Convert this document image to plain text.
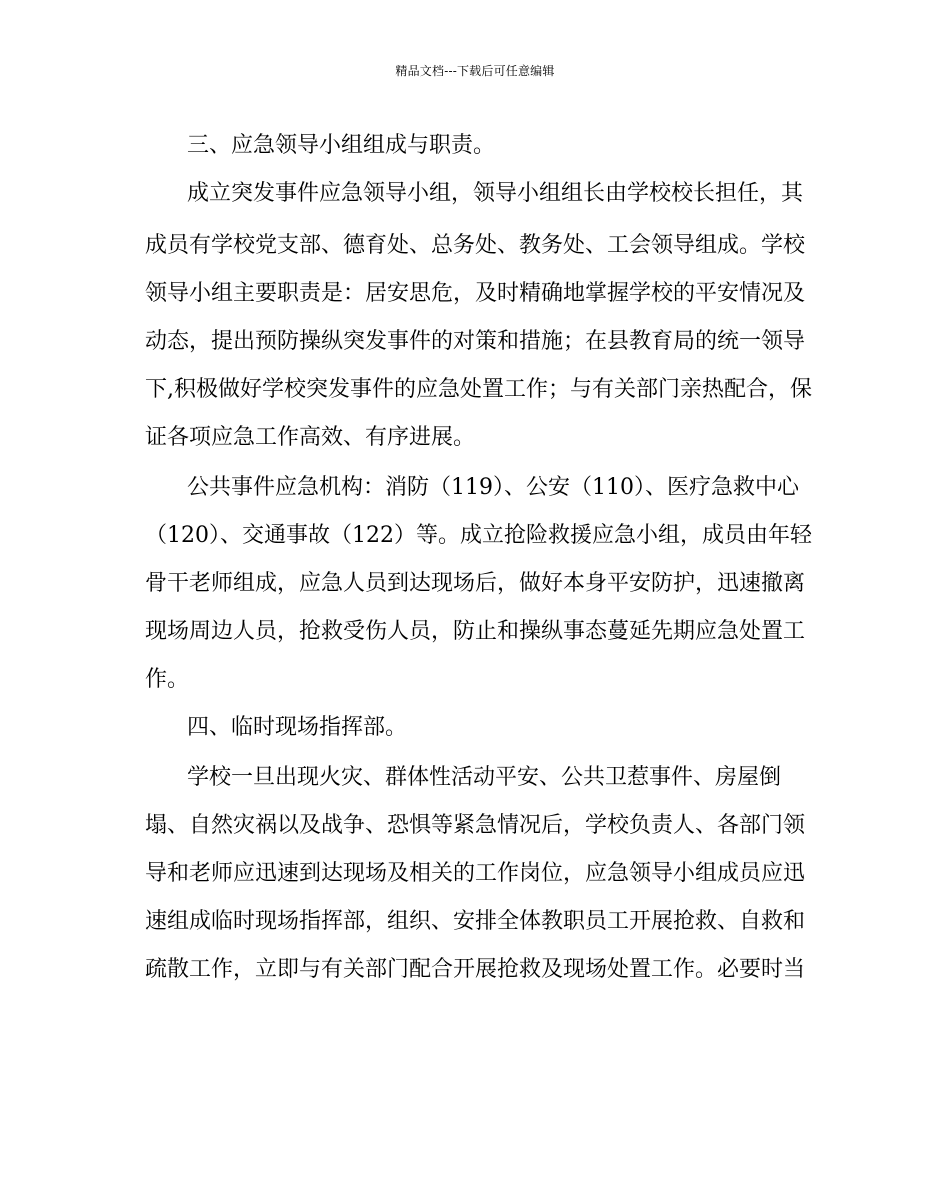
精品文档---下载后可任意编辑
三、应急领导小组组成与职责。
成立突发事件应急领导小组，领导小组组长由学校校长担任，其
成员有学校党支部、德育处、总务处、教务处、工会领导组成。学校
领导小组主要职责是：居安思危，及时精确地掌握学校的平安情况及
动态，提出预防操纵突发事件的对策和措施；在县教育局的统一领导
下,积极做好学校突发事件的应急处置工作；与有关部门亲热配合，保
证各项应急工作高效、有序进展。
公共事件应急机构：消防（119）、公安（110）、医疗急救中心
（120）、交通事故（122）等。成立抢险救援应急小组，成员由年轻
骨干老师组成，应急人员到达现场后，做好本身平安防护，迅速撤离
现场周边人员，抢救受伤人员，防止和操纵事态蔓延先期应急处置工
作。
四、临时现场指挥部。
学校一旦出现火灾、群体性活动平安、公共卫惹事件、房屋倒
塌、自然灾祸以及战争、恐惧等紧急情况后，学校负责人、各部门领
导和老师应迅速到达现场及相关的工作岗位，应急领导小组成员应迅
速组成临时现场指挥部，组织、安排全体教职员工开展抢救、自救和
疏散工作，立即与有关部门配合开展抢救及现场处置工作。必要时当
